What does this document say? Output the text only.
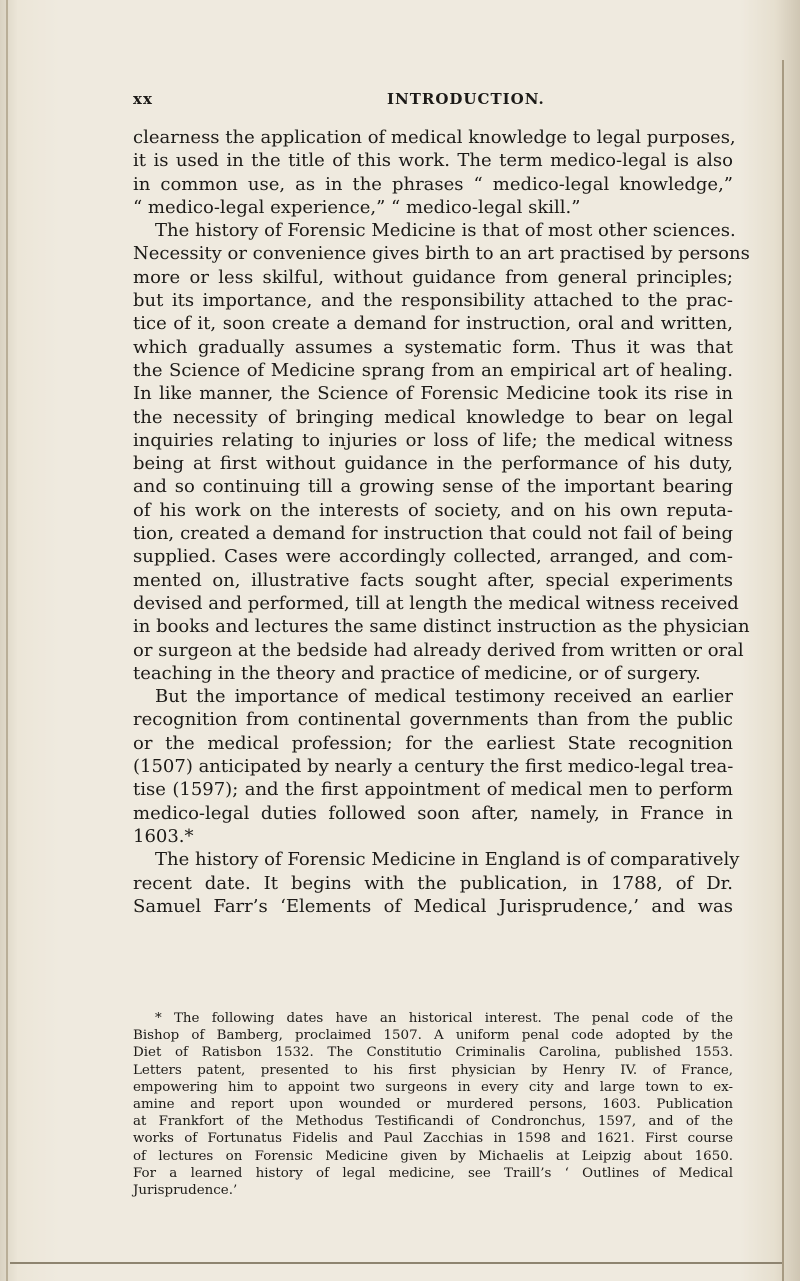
xx	INTRODUCTION.
clearness the application of medical knowledge to legal purposes,
it is used in the title of this work. The term medico-legal is also
in common use, as in the phrases “ medico-legal knowledge,”
“ medico-legal experience,” “ medico-legal skill.”
The history of Forensic Medicine is that of most other sciences.
Necessity or convenience gives birth to an art practised by persons
more or less skilful, without guidance from general principles;
but its importance, and the responsibility attached to the prac-
tice of it, soon create a demand for instruction, oral and written,
which gradually assumes a systematic form. Thus it was that
the Science of Medicine sprang from an empirical art of healing.
In like manner, the Science of Forensic Medicine took its rise in
the necessity of bringing medical knowledge to bear on legal
inquiries relating to injuries or loss of life; the medical witness
being at first without guidance in the performance of his duty,
and so continuing till a growing sense of the important bearing
of his work on the interests of society, and on his own reputa-
tion, created a demand for instruction that could not fail of being
supplied. Cases were accordingly collected, arranged, and com-
mented on, illustrative facts sought after, special experiments
devised and performed, till at length the medical witness received
in books and lectures the same distinct instruction as the physician
or surgeon at the bedside had already derived from written or oral
teaching in the theory and practice of medicine, or of surgery.
But the importance of medical testimony received an earlier
recognition from continental governments than from the public
or the medical profession; for the earliest State recognition
(1507) anticipated by nearly a century the first medico-legal trea-
tise (1597); and the first appointment of medical men to perform
medico-legal duties followed soon after, namely, in France in
1603.*
The history of Forensic Medicine in England is of comparatively
recent date. It begins with the publication, in 1788, of Dr.
Samuel Farr’s ‘Elements of Medical Jurisprudence,’ and was
* The following dates have an historical interest. The penal code of the
Bishop of Bamberg, proclaimed 1507. A uniform penal code adopted by the
Diet of Ratisbon 1532. The Constitutio Criminalis Carolina, published 1553.
Letters patent, presented to his first physician by Henry IV. of France,
empowering him to appoint two surgeons in every city and large town to ex-
amine and report upon wounded or murdered persons, 1603. Publication
at Frankfort of the Methodus Testificandi of Condronchus, 1597, and of the
works of Fortunatus Fidelis and Paul Zacchias in 1598 and 1621. First course
of lectures on Forensic Medicine given by Michaelis at Leipzig about 1650.
For a learned history of legal medicine, see Traill’s ‘ Outlines of Medical
Jurisprudence.’
